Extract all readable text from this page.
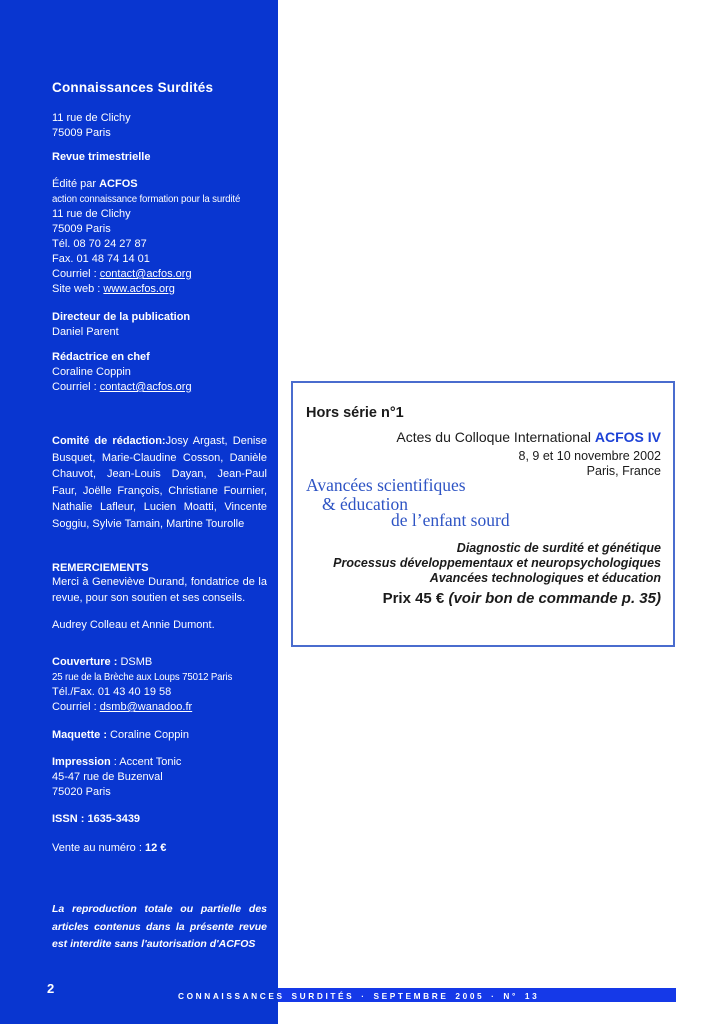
Connaissances Surdités
11 rue de Clichy
75009 Paris
Revue trimestrielle
Édité par ACFOS
action connaissance formation pour la surdité
11 rue de Clichy
75009 Paris
Tél. 08 70 24 27 87
Fax. 01 48 74 14 01
Courriel : contact@acfos.org
Site web : www.acfos.org
Directeur de la publication
Daniel Parent
Rédactrice en chef
Coraline Coppin
Courriel : contact@acfos.org
Comité de rédaction:Josy Argast, Denise Busquet, Marie-Claudine Cosson, Danièle Chauvot, Jean-Louis Dayan, Jean-Paul Faur, Joëlle François, Christiane Fournier, Nathalie Lafleur, Lucien Moatti, Vincente Soggiu, Sylvie Tamain, Martine Tourolle
REMERCIEMENTS
Merci à Geneviève Durand, fondatrice de la revue, pour son soutien et ses conseils.
Audrey Colleau et Annie Dumont.
Couverture : DSMB
25 rue de la Brèche aux Loups 75012 Paris
Tél./Fax. 01 43 40 19 58
Courriel : dsmb@wanadoo.fr
Maquette : Coraline Coppin
Impression : Accent Tonic
45-47 rue de Buzenval
75020 Paris
ISSN : 1635-3439
Vente au numéro : 12 €
La reproduction totale ou partielle des articles contenus dans la présente revue est interdite sans l'autorisation d'ACFOS
Hors série n°1
Actes du Colloque International ACFOS IV
8, 9 et 10 novembre 2002
Paris, France
Avancées scientifiques
& éducation
de l’enfant sourd
Diagnostic de surdité et génétique
Processus développementaux et neuropsychologiques
Avancées technologiques et éducation
Prix 45 € (voir bon de commande p. 35)
CONNAISSANCES SURDITÉS · SEPTEMBRE 2005 · N° 13
2
